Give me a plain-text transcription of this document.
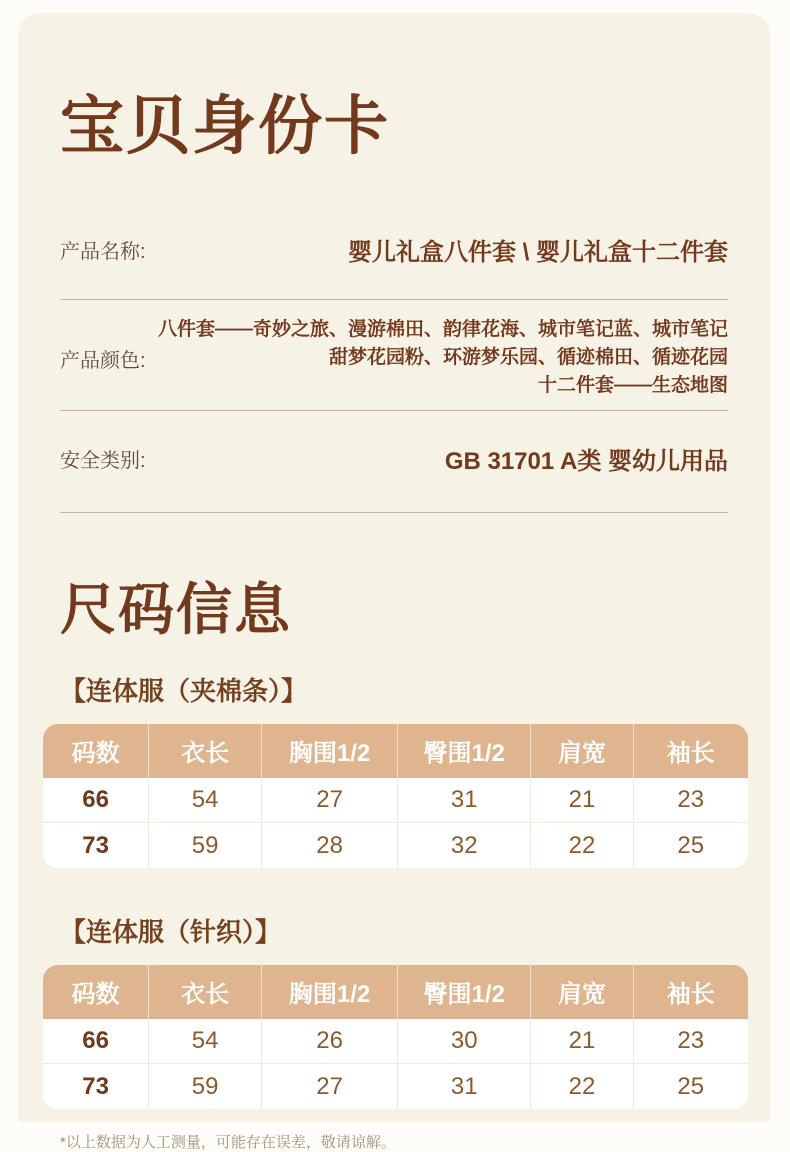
宝贝身份卡
产品名称:	婴儿礼盒八件套 \ 婴儿礼盒十二件套
产品颜色:
八件套——奇妙之旅、漫游棉田、韵律花海、城市笔记蓝、城市笔记
甜梦花园粉、环游梦乐园、循迹棉田、循迹花园
十二件套——生态地图
安全类别:	GB 31701 A类 婴幼儿用品
尺码信息
【连体服（夹棉条）】
码数	衣长	胸围1/2	臀围1/2	肩宽	袖长
66	54	27	31	21	23
73	59	28	32	22	25
【连体服（针织）】
码数	衣长	胸围1/2	臀围1/2	肩宽	袖长
66	54	26	30	21	23
73	59	27	31	22	25

*以上数据为人工测量，可能存在误差，敬请谅解。
